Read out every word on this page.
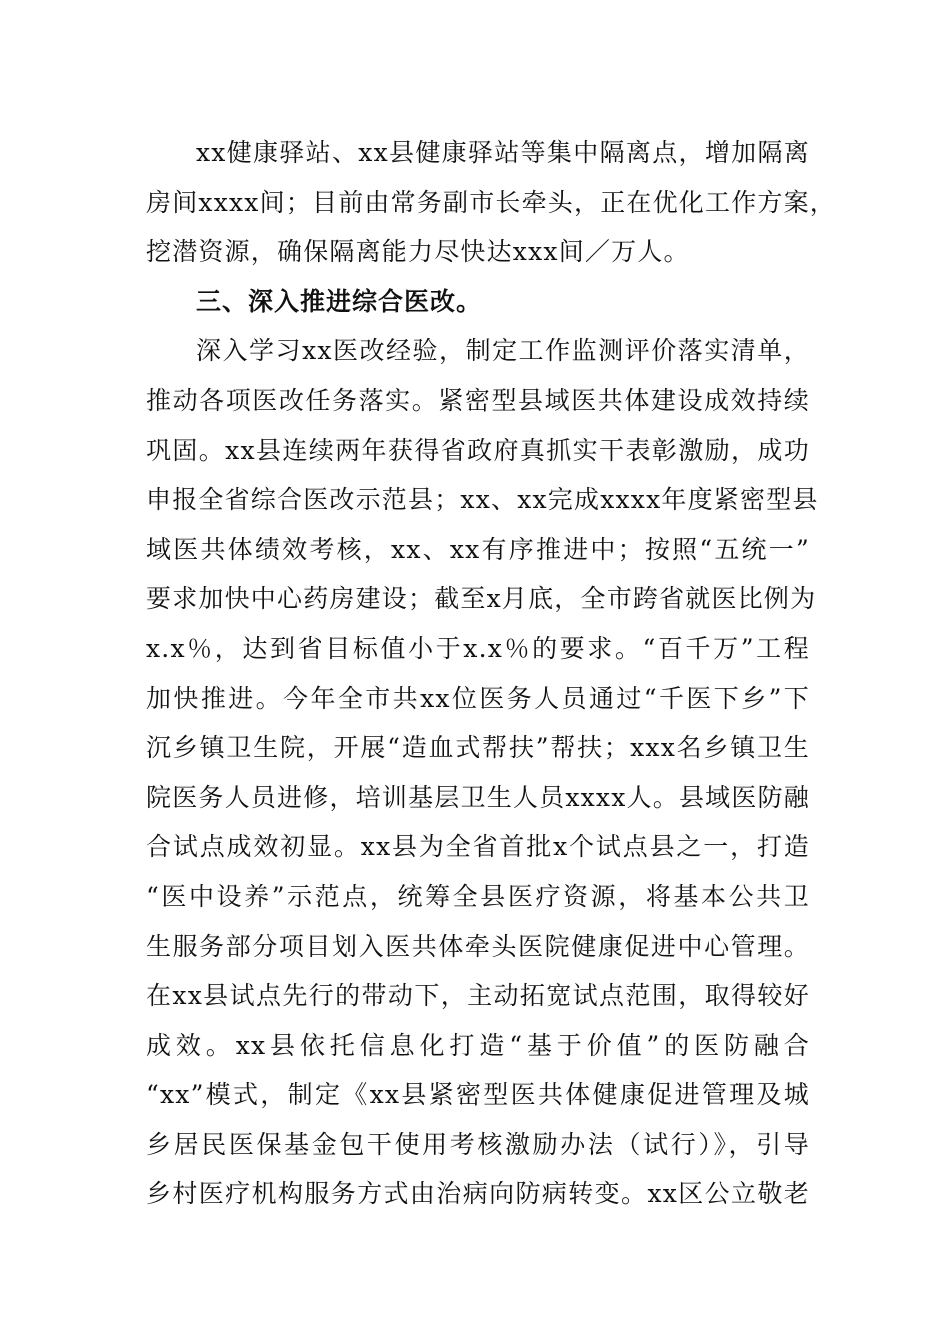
xx健康驿站、xx县健康驿站等集中隔离点，增加隔离
房间xxxx间；目前由常务副市长牵头，正在优化工作方案，
挖潜资源，确保隔离能力尽快达xxx间／万人。
三、深入推进综合医改。
深入学习xx医改经验，制定工作监测评价落实清单，
推动各项医改任务落实。紧密型县域医共体建设成效持续
巩固。xx县连续两年获得省政府真抓实干表彰激励，成功
申报全省综合医改示范县；xx、xx完成xxxx年度紧密型县
域医共体绩效考核，xx、xx有序推进中；按照“五统一”
要求加快中心药房建设；截至x月底，全市跨省就医比例为
x.x％，达到省目标值小于x.x％的要求。“百千万”工程
加快推进。今年全市共xx位医务人员通过“千医下乡”下
沉乡镇卫生院，开展“造血式帮扶”帮扶；xxx名乡镇卫生
院医务人员进修，培训基层卫生人员xxxx人。县域医防融
合试点成效初显。xx县为全省首批x个试点县之一，打造
“医中设养”示范点，统筹全县医疗资源，将基本公共卫
生服务部分项目划入医共体牵头医院健康促进中心管理。
在xx县试点先行的带动下，主动拓宽试点范围，取得较好
成效。xx县依托信息化打造“基于价值”的医防融合
“xx”模式，制定《xx县紧密型医共体健康促进管理及城
乡居民医保基金包干使用考核激励办法（试行）》，引导
乡村医疗机构服务方式由治病向防病转变。xx区公立敬老
